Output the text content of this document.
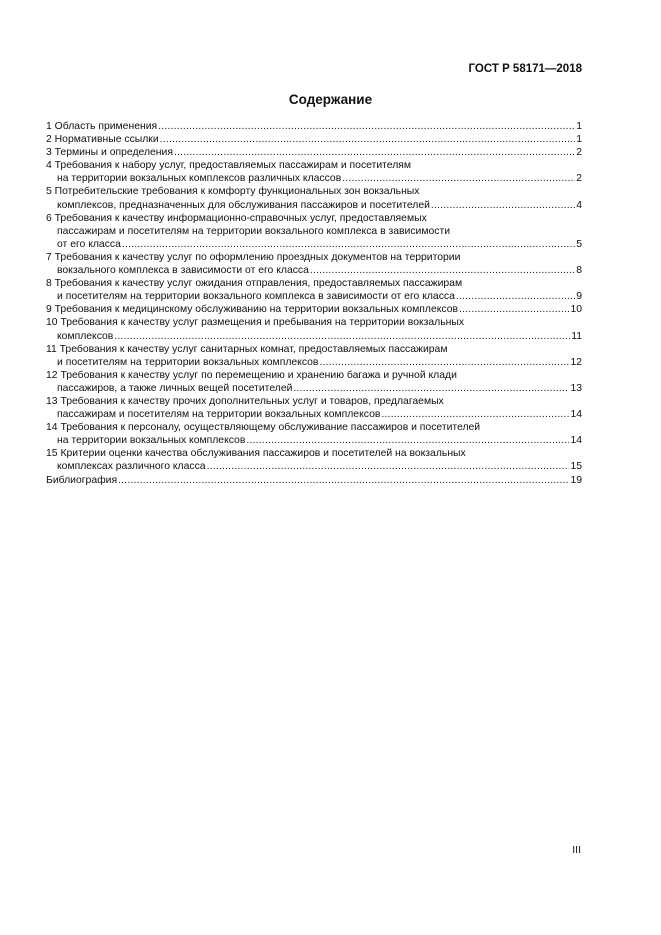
ГОСТ Р 58171—2018
Содержание
1 Область применения .....	1
2 Нормативные ссылки .....	1
3 Термины и определения .....	2
4 Требования к набору услуг, предоставляемых пассажирам и посетителям
на территории вокзальных комплексов различных классов .....	2
5 Потребительские требования к комфорту функциональных зон вокзальных
комплексов, предназначенных для обслуживания пассажиров и посетителей .....	4
6 Требования к качеству информационно-справочных услуг, предоставляемых
пассажирам и посетителям на территории вокзального комплекса в зависимости
от его класса .....	5
7 Требования к качеству услуг по оформлению проездных документов на территории
вокзального комплекса в зависимости от его класса .....	8
8 Требования к качеству услуг ожидания отправления, предоставляемых пассажирам
и посетителям на территории вокзального комплекса в зависимости от его класса .....	9
9 Требования к медицинскому обслуживанию на территории вокзальных комплексов .....	10
10 Требования к качеству услуг размещения и пребывания на территории вокзальных
комплексов .....	11
11 Требования к качеству услуг санитарных комнат, предоставляемых пассажирам
и посетителям на территории вокзальных комплексов .....	12
12 Требования к качеству услуг по перемещению и хранению багажа и ручной клади
пассажиров, а также личных вещей посетителей .....	13
13 Требования к качеству прочих дополнительных услуг и товаров, предлагаемых
пассажирам и посетителям на территории вокзальных комплексов .....	14
14 Требования к персоналу, осуществляющему обслуживание пассажиров и посетителей
на территории вокзальных комплексов .....	14
15 Критерии оценки качества обслуживания пассажиров и посетителей на вокзальных
комплексах различного класса .....	15
Библиография .....	19
III
